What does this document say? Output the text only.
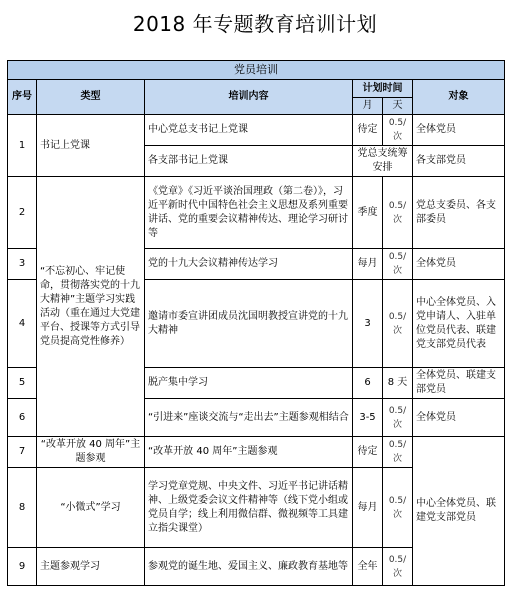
2018 年专题教育培训计划
党员培训					
序号	类型	培训内容	计划时间		对象
			月	天	
1	书记上党课	中心党总支书记上党课	待定	0.5/次	全体党员
		各支部书记上党课	党总支统筹安排		各支部党员
2	“不忘初心、牢记使命，贯彻落实党的十九大精神”主题学习实践活动（重在通过大党建平台、授课等方式引导党员提高党性修养）	《党章》《习近平谈治国理政（第二卷）》，习近平新时代中国特色社会主义思想及系列重要讲话、党的重要会议精神传达、理论学习研讨等	季度	0.5/次	党总支委员、各支部委员
3		党的十九大会议精神传达学习	每月	0.5/次	全体党员
4		邀请市委宣讲团成员沈国明教授宣讲党的十九大精神	3	0.5/次	中心全体党员、入党申请人、入驻单位党员代表、联建党支部党员代表
5		脱产集中学习	6	8 天	全体党员、联建支部党员
6		“引进来”座谈交流与“走出去”主题参观相结合	3-5	0.5/次	全体党员
7	“改革开放 40 周年”主题参观	“改革开放 40 周年”主题参观	待定	0.5/次	中心全体党员、联建党支部党员
8	“小微式”学习	学习党章党规、中央文件、习近平书记讲话精神、上级党委会议文件精神等（线下党小组或党员自学；线上利用微信群、微视频等工具建立指尖课堂）	每月	0.5/次	
9	主题参观学习	参观党的诞生地、爱国主义、廉政教育基地等	全年	0.5/次	
